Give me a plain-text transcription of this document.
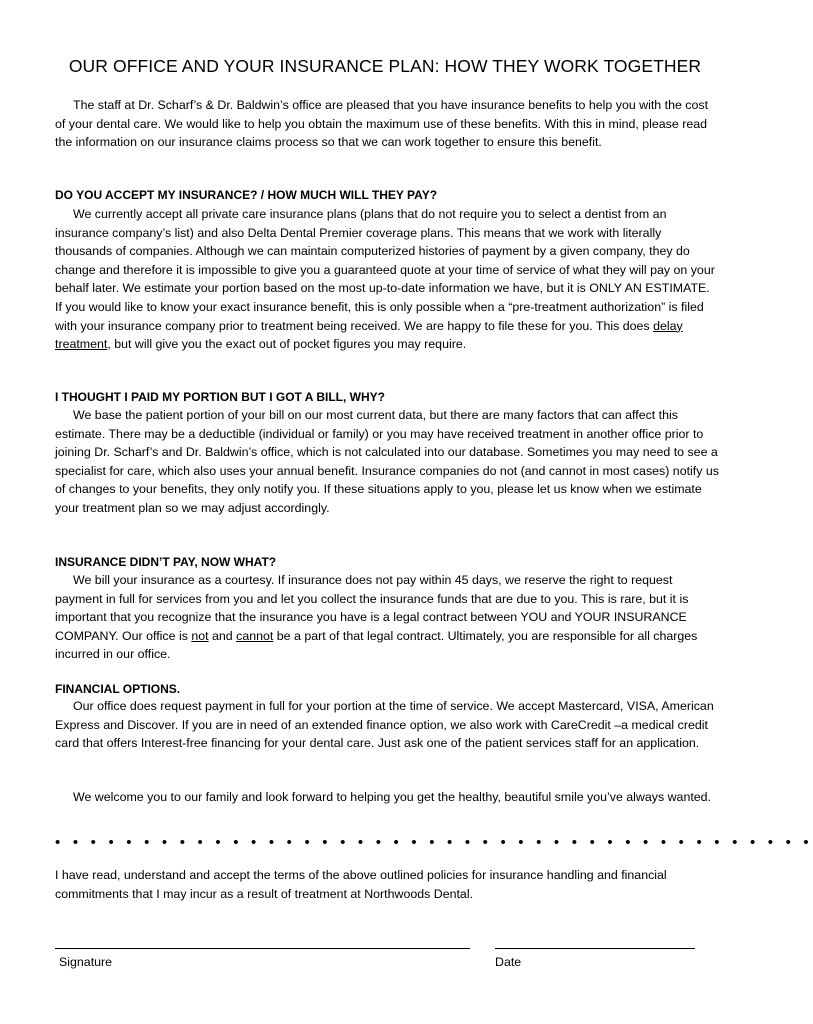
OUR OFFICE AND YOUR INSURANCE PLAN: HOW THEY WORK TOGETHER

The staff at Dr. Scharf’s & Dr. Baldwin’s office are pleased that you have insurance benefits to help you with the cost of your dental care. We would like to help you obtain the maximum use of these benefits. With this in mind, please read the information on our insurance claims process so that we can work together to ensure this benefit.

DO YOU ACCEPT MY INSURANCE? / HOW MUCH WILL THEY PAY?

We currently accept all private care insurance plans (plans that do not require you to select a dentist from an insurance company’s list) and also Delta Dental Premier coverage plans. This means that we work with literally thousands of companies. Although we can maintain computerized histories of payment by a given company, they do change and therefore it is impossible to give you a guaranteed quote at your time of service of what they will pay on your behalf later. We estimate your portion based on the most up-to-date information we have, but it is ONLY AN ESTIMATE. If you would like to know your exact insurance benefit, this is only possible when a “pre-treatment authorization” is filed with your insurance company prior to treatment being received. We are happy to file these for you. This does delay treatment, but will give you the exact out of pocket figures you may require.

I THOUGHT I PAID MY PORTION BUT I GOT A BILL, WHY?

We base the patient portion of your bill on our most current data, but there are many factors that can affect this estimate. There may be a deductible (individual or family) or you may have received treatment in another office prior to joining Dr. Scharf’s and Dr. Baldwin’s office, which is not calculated into our database. Sometimes you may need to see a specialist for care, which also uses your annual benefit. Insurance companies do not (and cannot in most cases) notify us of changes to your benefits, they only notify you. If these situations apply to you, please let us know when we estimate your treatment plan so we may adjust accordingly.

INSURANCE DIDN’T PAY, NOW WHAT?

We bill your insurance as a courtesy. If insurance does not pay within 45 days, we reserve the right to request payment in full for services from you and let you collect the insurance funds that are due to you. This is rare, but it is important that you recognize that the insurance you have is a legal contract between YOU and YOUR INSURANCE COMPANY. Our office is not and cannot be a part of that legal contract. Ultimately, you are responsible for all charges incurred in our office.

FINANCIAL OPTIONS.

Our office does request payment in full for your portion at the time of service. We accept Mastercard, VISA, American Express and Discover. If you are in need of an extended finance option, we also work with CareCredit –a medical credit card that offers Interest-free financing for your dental care. Just ask one of the patient services staff for an application.

We welcome you to our family and look forward to helping you get the healthy, beautiful smile you’ve always wanted.

• • • • • • • • • • • • • • • • • • • • • • • • • • • • • • • • • • • • • • • • • • •

I have read, understand and accept the terms of the above outlined policies for insurance handling and financial commitments that I may incur as a result of treatment at Northwoods Dental.

Signature	Date
